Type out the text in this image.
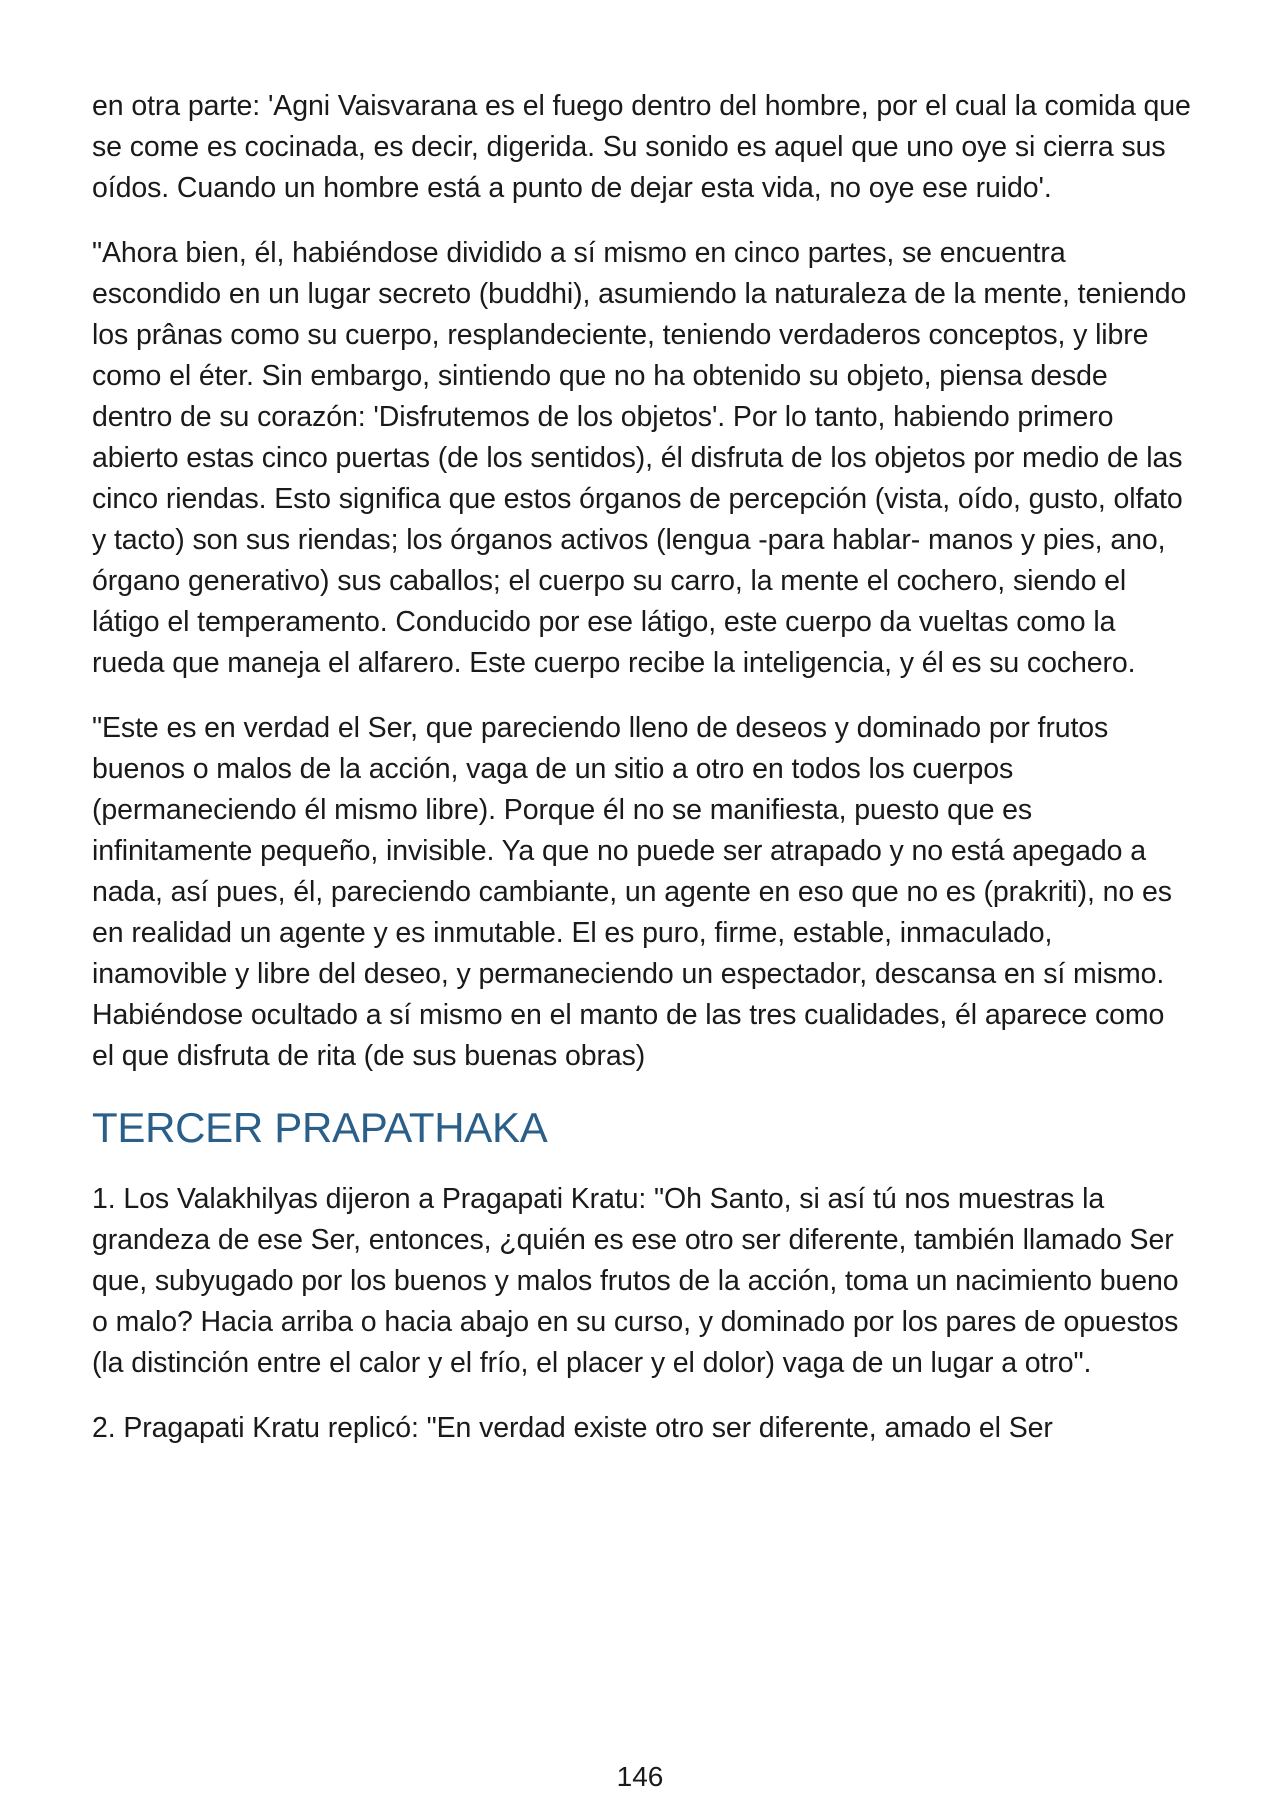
en otra parte: 'Agni Vaisvarana es el fuego dentro del hombre, por el cual la comida que se come es cocinada, es decir, digerida. Su sonido es aquel que uno oye si cierra sus oídos. Cuando un hombre está a punto de dejar esta vida, no oye ese ruido'.

"Ahora bien, él, habiéndose dividido a sí mismo en cinco partes, se encuentra escondido en un lugar secreto (buddhi), asumiendo la naturaleza de la mente, teniendo los prânas como su cuerpo, resplandeciente, teniendo verdaderos conceptos, y libre como el éter. Sin embargo, sintiendo que no ha obtenido su objeto, piensa desde dentro de su corazón: 'Disfrutemos de los objetos'. Por lo tanto, habiendo primero abierto estas cinco puertas (de los sentidos), él disfruta de los objetos por medio de las cinco riendas. Esto significa que estos órganos de percepción (vista, oído, gusto, olfato y tacto) son sus riendas; los órganos activos (lengua -para hablar- manos y pies, ano, órgano generativo) sus caballos; el cuerpo su carro, la mente el cochero, siendo el látigo el temperamento. Conducido por ese látigo, este cuerpo da vueltas como la rueda que maneja el alfarero. Este cuerpo recibe la inteligencia, y él es su cochero.

"Este es en verdad el Ser, que pareciendo lleno de deseos y dominado por frutos buenos o malos de la acción, vaga de un sitio a otro en todos los cuerpos (permaneciendo él mismo libre). Porque él no se manifiesta, puesto que es infinitamente pequeño, invisible. Ya que no puede ser atrapado y no está apegado a nada, así pues, él, pareciendo cambiante, un agente en eso que no es (prakriti), no es en realidad un agente y es inmutable. El es puro, firme, estable, inmaculado, inamovible y libre del deseo, y permaneciendo un espectador, descansa en sí mismo. Habiéndose ocultado a sí mismo en el manto de las tres cualidades, él aparece como el que disfruta de rita (de sus buenas obras)

TERCER PRAPATHAKA

1. Los Valakhilyas dijeron a Pragapati Kratu: "Oh Santo, si así tú nos muestras la grandeza de ese Ser, entonces, ¿quién es ese otro ser diferente, también llamado Ser que, subyugado por los buenos y malos frutos de la acción, toma un nacimiento bueno o malo? Hacia arriba o hacia abajo en su curso, y dominado por los pares de opuestos (la distinción entre el calor y el frío, el placer y el dolor) vaga de un lugar a otro".

2. Pragapati Kratu replicó: "En verdad existe otro ser diferente, amado el Ser

146
